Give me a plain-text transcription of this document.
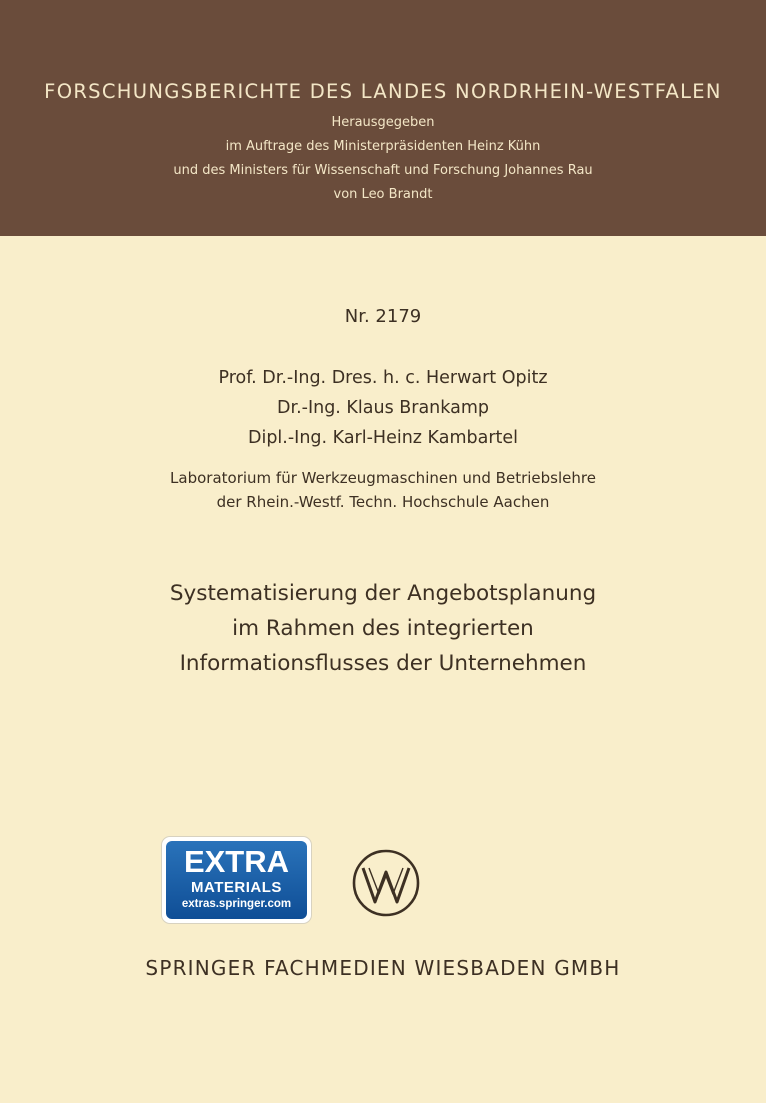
FORSCHUNGSBERICHTE DES LANDES NORDRHEIN-WESTFALEN
Herausgegeben
im Auftrage des Ministerpräsidenten Heinz Kühn
und des Ministers für Wissenschaft und Forschung Johannes Rau
von Leo Brandt
Nr. 2179
Prof. Dr.-Ing. Dres. h. c. Herwart Opitz
Dr.-Ing. Klaus Brankamp
Dipl.-Ing. Karl-Heinz Kambartel
Laboratorium für Werkzeugmaschinen und Betriebslehre
der Rhein.-Westf. Techn. Hochschule Aachen
Systematisierung der Angebotsplanung
im Rahmen des integrierten
Informationsflusses der Unternehmen
EXTRA
MATERIALS
extras.springer.com
SPRINGER FACHMEDIEN WIESBADEN GMBH
